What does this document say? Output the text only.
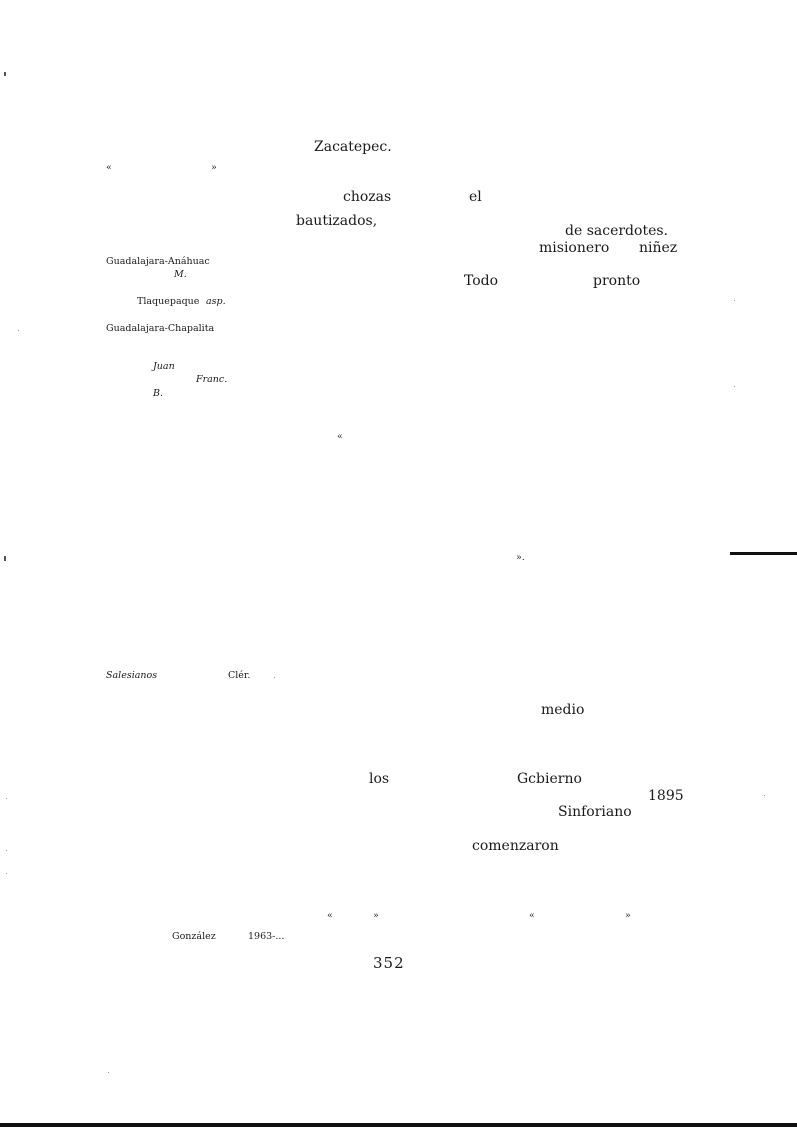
Zacatepec.
«	»
chozas	el
bautizados,
de sacerdotes.
misionero niñez
Todo	pronto
«
».
medio
los	Gcbierno
1895
Sinforiano
comenzaron
«	»	«	»
Guadalajara-Anáhuac
M.
Tlaquepaque asp.
Guadalajara-Chapalita
Juan
Franc.
B.
Salesianos	Clér.
González	1963-...
352
